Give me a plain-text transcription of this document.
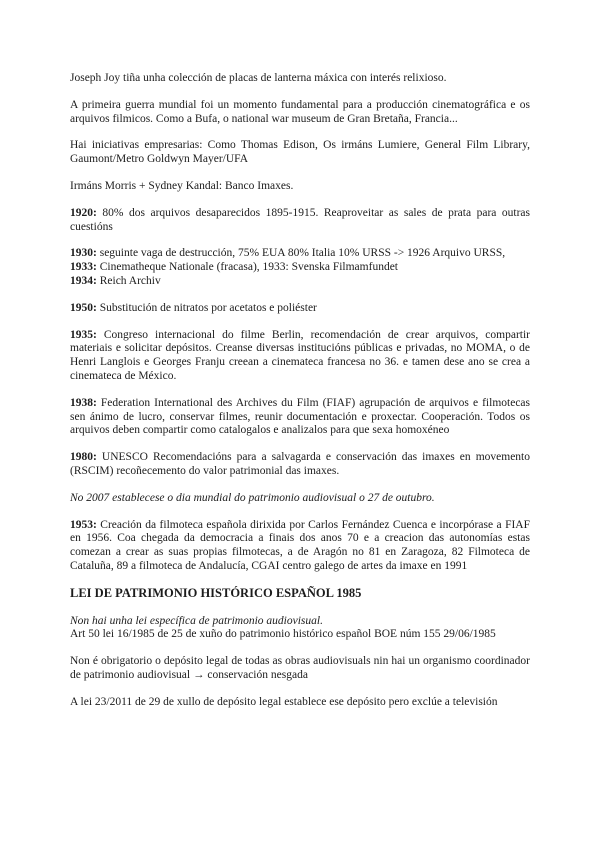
Joseph Joy tiña unha colección de placas de lanterna máxica con interés relixioso.

A primeira guerra mundial foi un momento fundamental para a producción cinematográfica e os arquivos filmicos. Como a Bufa, o national war museum de Gran Bretaña, Francia...

Hai iniciativas empresarias: Como Thomas Edison, Os irmáns Lumiere, General Film Library, Gaumont/Metro Goldwyn Mayer/UFA

Irmáns Morris + Sydney Kandal: Banco Imaxes.

1920: 80% dos arquivos desaparecidos 1895-1915. Reaproveitar as sales de prata para outras cuestións

1930: seguinte vaga de destrucción, 75% EUA 80% Italia 10% URSS -> 1926 Arquivo URSS,

1933: Cinematheque Nationale (fracasa), 1933: Svenska Filmamfundet

1934: Reich Archiv

1950: Substitución de nitratos por acetatos e poliéster

1935: Congreso internacional do filme Berlin, recomendación de crear arquivos, compartir materiais e solicitar depósitos. Creanse diversas institucións públicas e privadas, no MOMA, o de Henri Langlois e Georges Franju creean a cinemateca francesa no 36. e tamen dese ano se crea a cinemateca de México.

1938: Federation International des Archives du Film (FIAF) agrupación de arquivos e filmotecas sen ánimo de lucro, conservar filmes, reunir documentación e proxectar. Cooperación. Todos os arquivos deben compartir como catalogalos e analizalos para que sexa homoxéneo

1980: UNESCO Recomendacións para a salvagarda e conservación das imaxes en movemento (RSCIM) recoñecemento do valor patrimonial das imaxes.

No 2007 establecese o dia mundial do patrimonio audiovisual o 27 de outubro.

1953: Creación da filmoteca española dirixida por Carlos Fernández Cuenca e incorpórase a FIAF en 1956. Coa chegada da democracia a finais dos anos 70 e a creacion das autonomías estas comezan a crear as suas propias filmotecas, a de Aragón no 81 en Zaragoza, 82 Filmoteca de Cataluña, 89 a filmoteca de Andalucía, CGAI centro galego de artes da imaxe en 1991

LEI DE PATRIMONIO HISTÓRICO ESPAÑOL 1985

Non hai unha lei específica de patrimonio audiovisual.

Art 50 lei 16/1985 de 25 de xuño do patrimonio histórico español BOE núm 155 29/06/1985

Non é obrigatorio o depósito legal de todas as obras audiovisuals nin hai un organismo coordinador de patrimonio audiovisual → conservación nesgada

A lei 23/2011 de 29 de xullo de depósito legal establece ese depósito pero exclúe a televisión
